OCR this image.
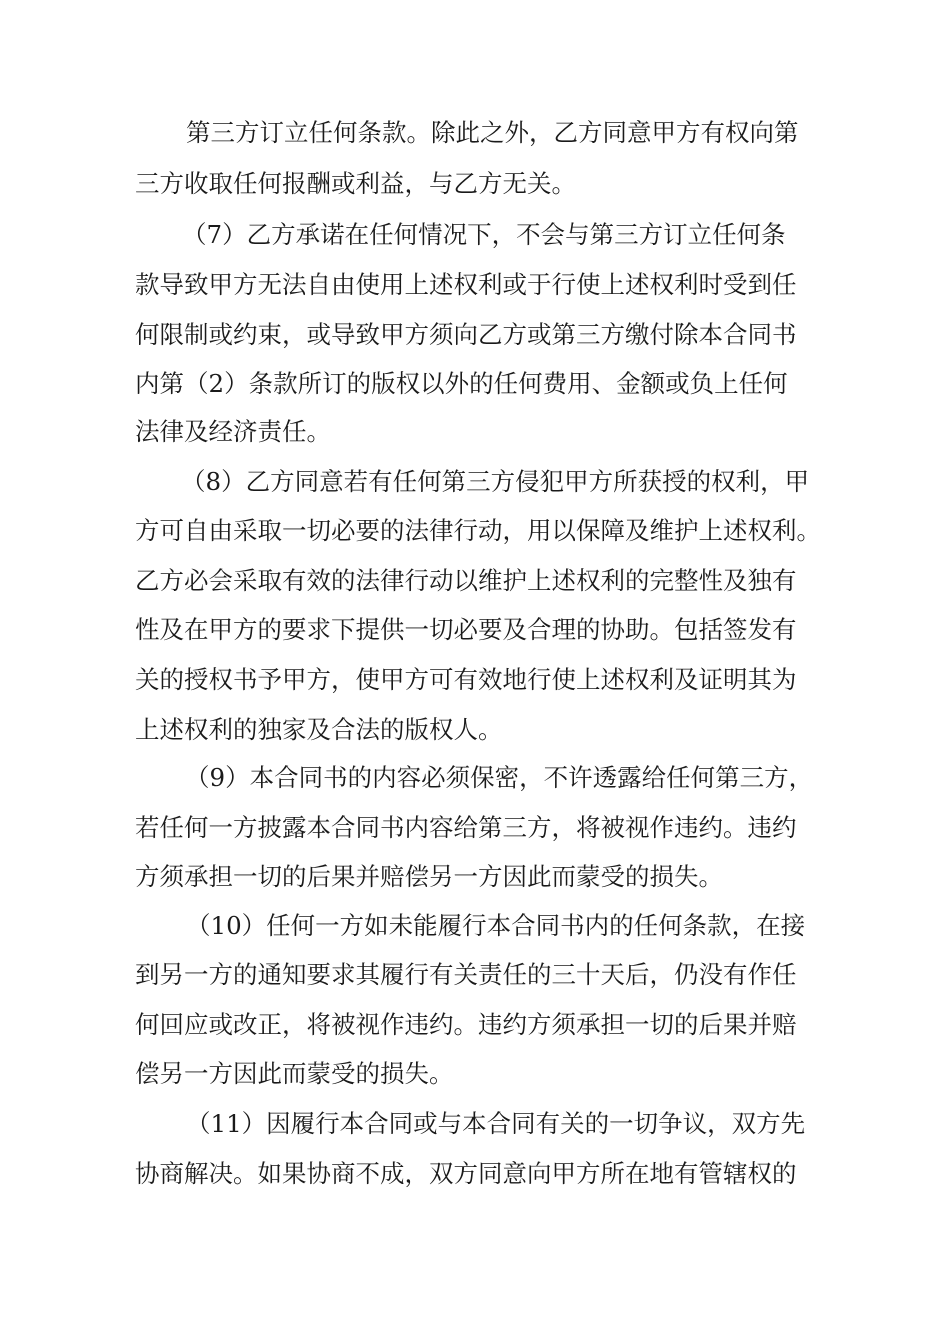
第三方订立任何条款。除此之外，乙方同意甲方有权向第
三方收取任何报酬或利益，与乙方无关。
（7）乙方承诺在任何情况下，不会与第三方订立任何条
款导致甲方无法自由使用上述权利或于行使上述权利时受到任
何限制或约束，或导致甲方须向乙方或第三方缴付除本合同书
内第（2）条款所订的版权以外的任何费用、金额或负上任何
法律及经济责任。
（8）乙方同意若有任何第三方侵犯甲方所获授的权利，甲
方可自由采取一切必要的法律行动，用以保障及维护上述权利。
乙方必会采取有效的法律行动以维护上述权利的完整性及独有
性及在甲方的要求下提供一切必要及合理的协助。包括签发有
关的授权书予甲方，使甲方可有效地行使上述权利及证明其为
上述权利的独家及合法的版权人。
（9）本合同书的内容必须保密，不许透露给任何第三方，
若任何一方披露本合同书内容给第三方，将被视作违约。违约
方须承担一切的后果并赔偿另一方因此而蒙受的损失。
（10）任何一方如未能履行本合同书内的任何条款，在接
到另一方的通知要求其履行有关责任的三十天后，仍没有作任
何回应或改正，将被视作违约。违约方须承担一切的后果并赔
偿另一方因此而蒙受的损失。
（11）因履行本合同或与本合同有关的一切争议，双方先
协商解决。如果协商不成，双方同意向甲方所在地有管辖权的
